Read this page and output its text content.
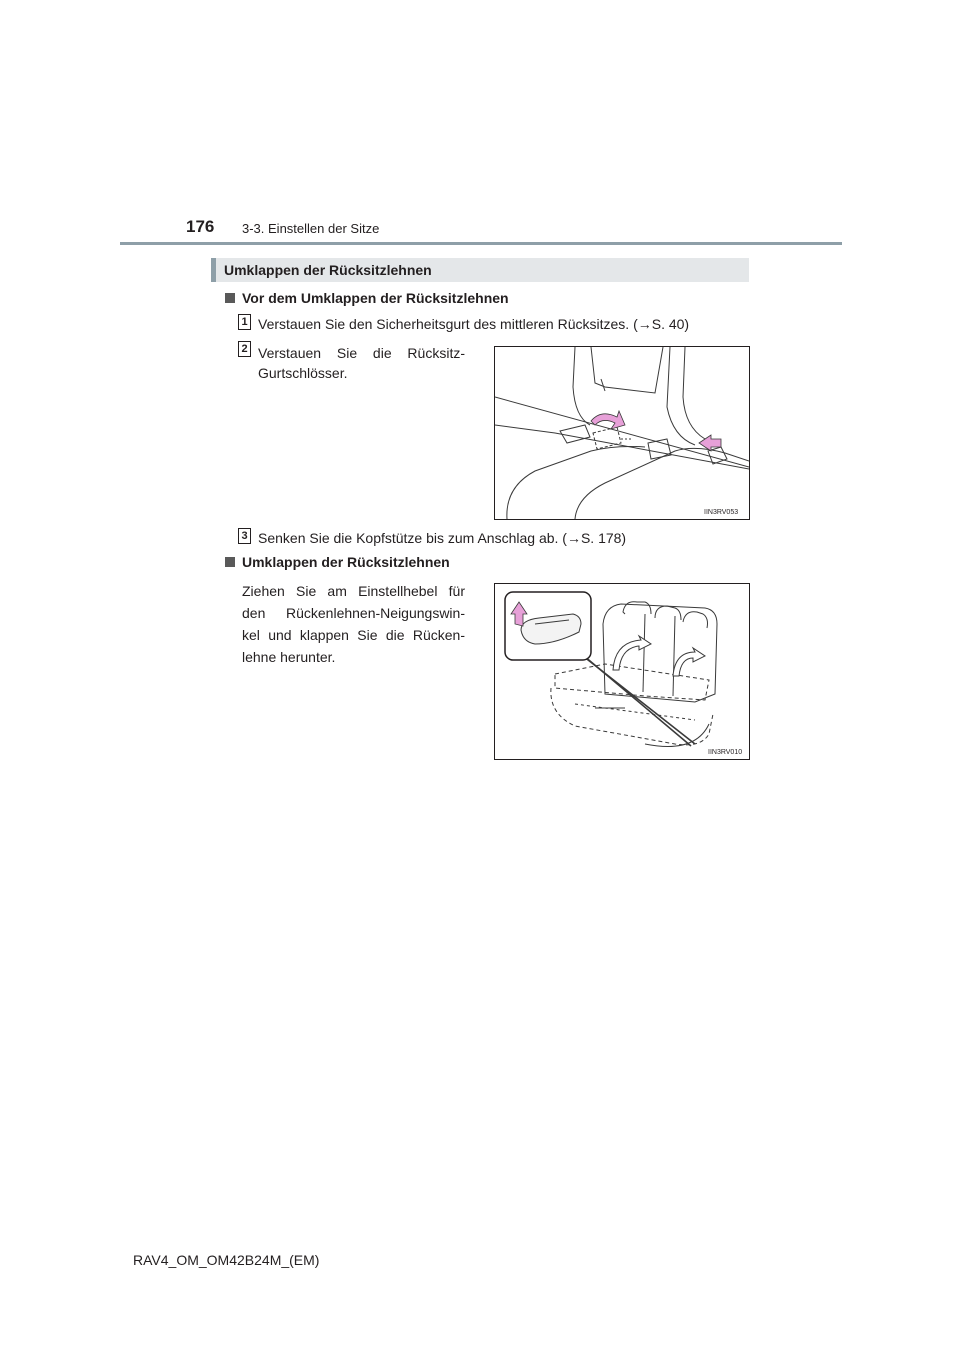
176 3-3. Einstellen der Sitze
Umklappen der Rücksitzlehnen
Vor dem Umklappen der Rücksitzlehnen
1 Verstauen Sie den Sicherheitsgurt des mittleren Rücksitzes. (→S. 40)
2 Verstauen Sie die Rücksitz-
Gurtschlösser.
IIN3RV053
3 Senken Sie die Kopfstütze bis zum Anschlag ab. (→S. 178)
Umklappen der Rücksitzlehnen
Ziehen Sie am Einstellhebel für
den Rückenlehnen-Neigungswin-
kel und klappen Sie die Rücken-
lehne herunter.
IIN3RV010
RAV4_OM_OM42B24M_(EM)
